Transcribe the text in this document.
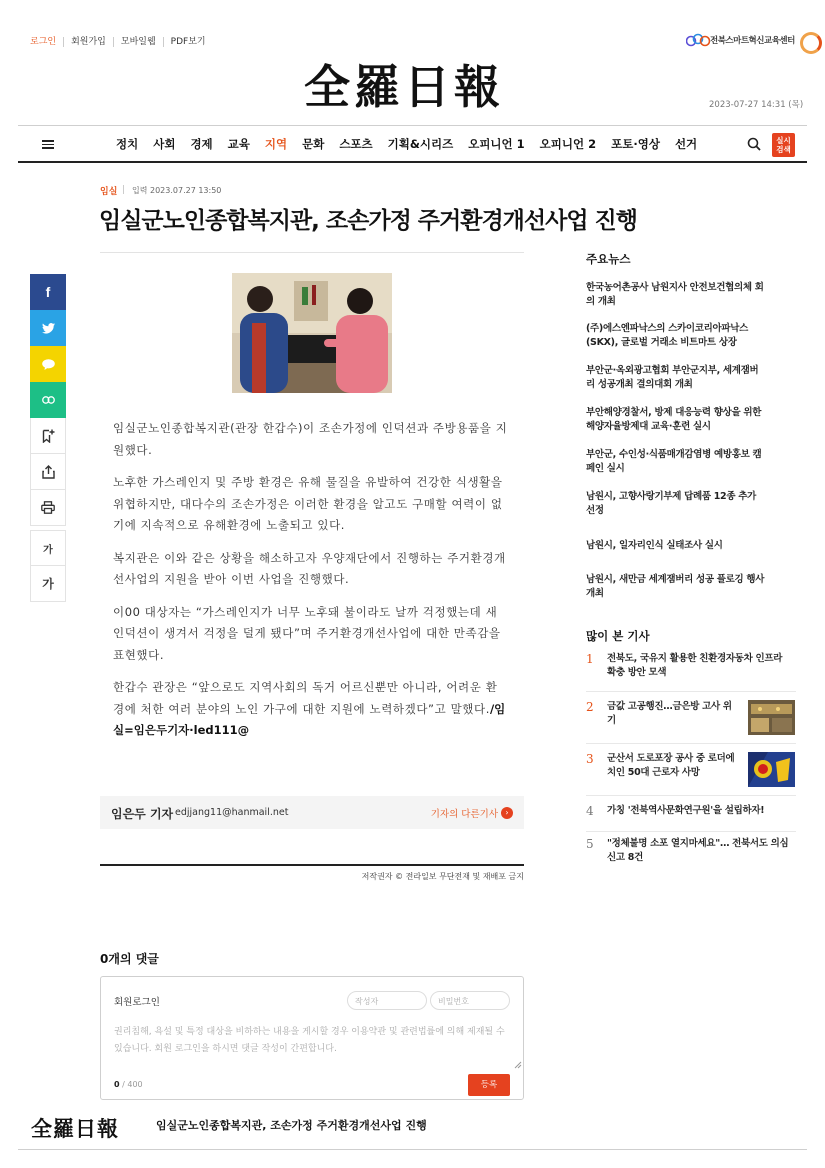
로그인	회원가입	모바일웹	PDF보기	전북스마트혁신교육센터
全羅日報	2023-07-27 14:31 (목)
정치 사회 경제 교육 지역 문화 스포츠 기획&시리즈 오피니언 1 오피니언 2 포토·영상 선거	실시
검색
임실 입력 2023.07.27 13:50
임실군노인종합복지관, 조손가정 주거환경개선사업 진행
f
가
가

임실군노인종합복지관(관장 한갑수)이 조손가정에 인덕션과 주방용품을 지원했다.

노후한 가스레인지 및 주방 환경은 유해 물질을 유발하여 건강한 식생활을 위협하지만, 대다수의 조손가정은 이러한 환경을 알고도 구매할 여력이 없기에 지속적으로 유해환경에 노출되고 있다.

복지관은 이와 같은 상황을 해소하고자 우양재단에서 진행하는 주거환경개선사업의 지원을 받아 이번 사업을 진행했다.

이00 대상자는 “가스레인지가 너무 노후돼 불이라도 날까 걱정했는데 새 인덕션이 생겨서 걱정을 덜게 됐다”며 주거환경개선사업에 대한 만족감을 표현했다.

한갑수 관장은 “앞으로도 지역사회의 독거 어르신뿐만 아니라, 어려운 환경에 처한 여러 분야의 노인 가구에 대한 지원에 노력하겠다”고 말했다./임실=임은두기자·led111@

임은두 기자 edjjang11@hanmail.net	기자의 다른기사 ›
저작권자 © 전라일보 무단전재 및 재배포 금지
0개의 댓글
회원로그인	작성자	비밀번호
권리침해, 욕설 및 특정 대상을 비하하는 내용을 게시할 경우 이용약관 및 관련법률에 의해 제재될 수 있습니다. 회원 로그인을 하시면 댓글 작성이 간편합니다.
0 / 400	등록
주요뉴스
한국농어촌공사 남원지사 안전보건협의체 회의 개최
(주)에스엔파낙스의 스카이코리아파낙스(SKX), 글로벌 거래소 비트마트 상장
부안군·옥외광고협회 부안군지부, 세계잼버리 성공개최 결의대회 개최
부안해양경찰서, 방제 대응능력 향상을 위한 해양자율방제대 교육·훈련 실시
부안군, 수인성·식품매개감염병 예방홍보 캠페인 실시
남원시, 고향사랑기부제 답례품 12종 추가 선정
남원시, 일자리인식 실태조사 실시
남원시, 새만금 세계잼버리 성공 플로깅 행사 개최
많이 본 기사
1 전북도, 국유지 활용한 친환경자동차 인프라 확충 방안 모색
2 금값 고공행진…금은방 고사 위기
3 군산서 도로포장 공사 중 로더에 치인 50대 근로자 사망
4 가칭 '전북역사문화연구원'을 설립하자!
5 "정체불명 소포 열지마세요"… 전북서도 의심신고 8건
全羅日報	임실군노인종합복지관, 조손가정 주거환경개선사업 진행
